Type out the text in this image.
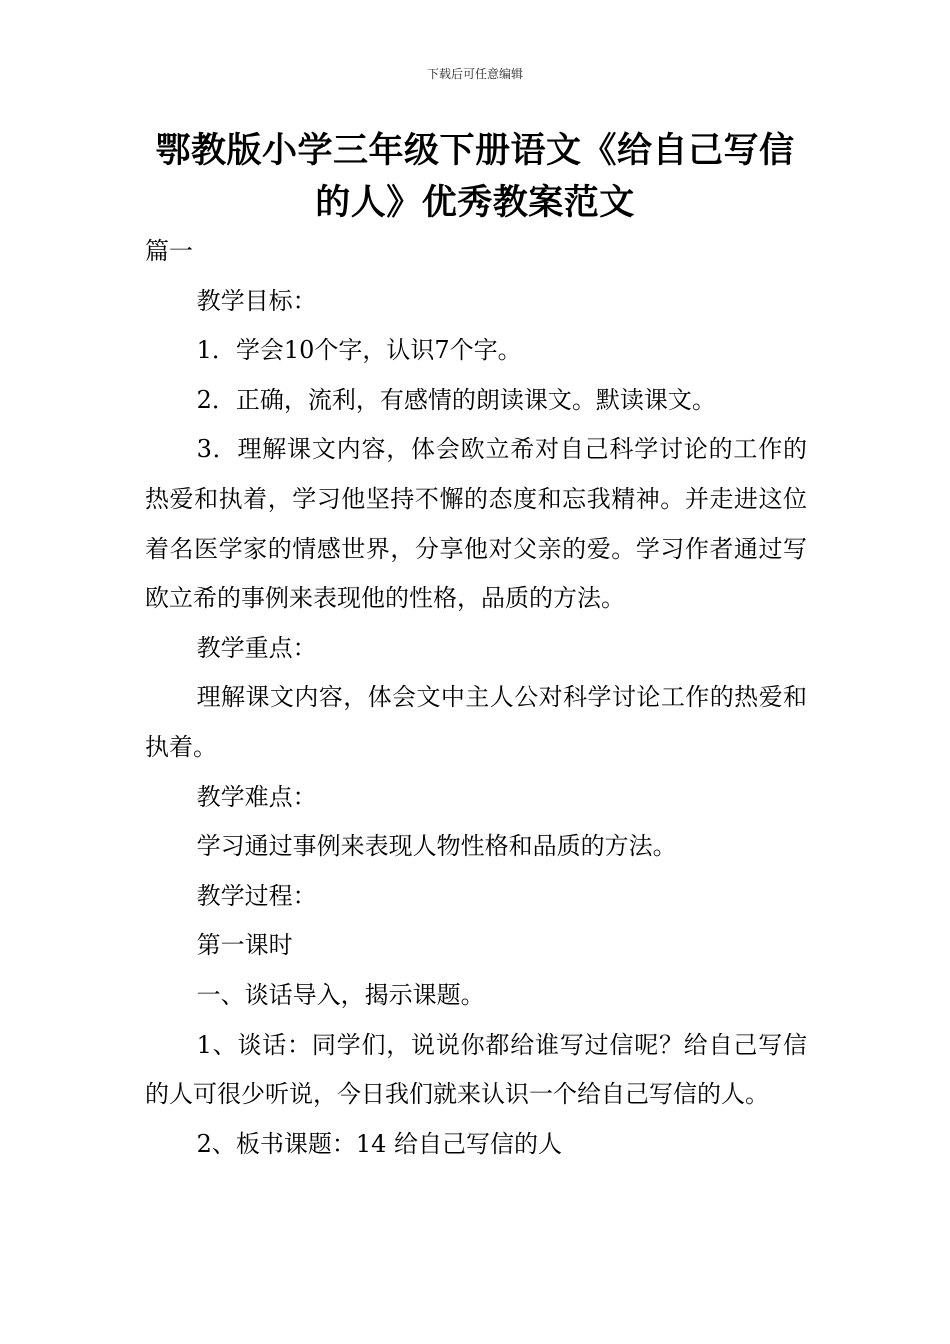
下载后可任意编辑
鄂教版小学三年级下册语文《给自己写信
的人》优秀教案范文

篇一

教学目标：

1．学会10个字，认识7个字。

2．正确，流利，有感情的朗读课文。默读课文。

3．理解课文内容，体会欧立希对自己科学讨论的工作的热爱和执着，学习他坚持不懈的态度和忘我精神。并走进这位着名医学家的情感世界，分享他对父亲的爱。学习作者通过写欧立希的事例来表现他的性格，品质的方法。

教学重点：

理解课文内容，体会文中主人公对科学讨论工作的热爱和执着。

教学难点：

学习通过事例来表现人物性格和品质的方法。

教学过程：

第一课时

一、谈话导入，揭示课题。

1、谈话：同学们，说说你都给谁写过信呢？给自己写信的人可很少听说，今日我们就来认识一个给自己写信的人。

2、板书课题：14 给自己写信的人
